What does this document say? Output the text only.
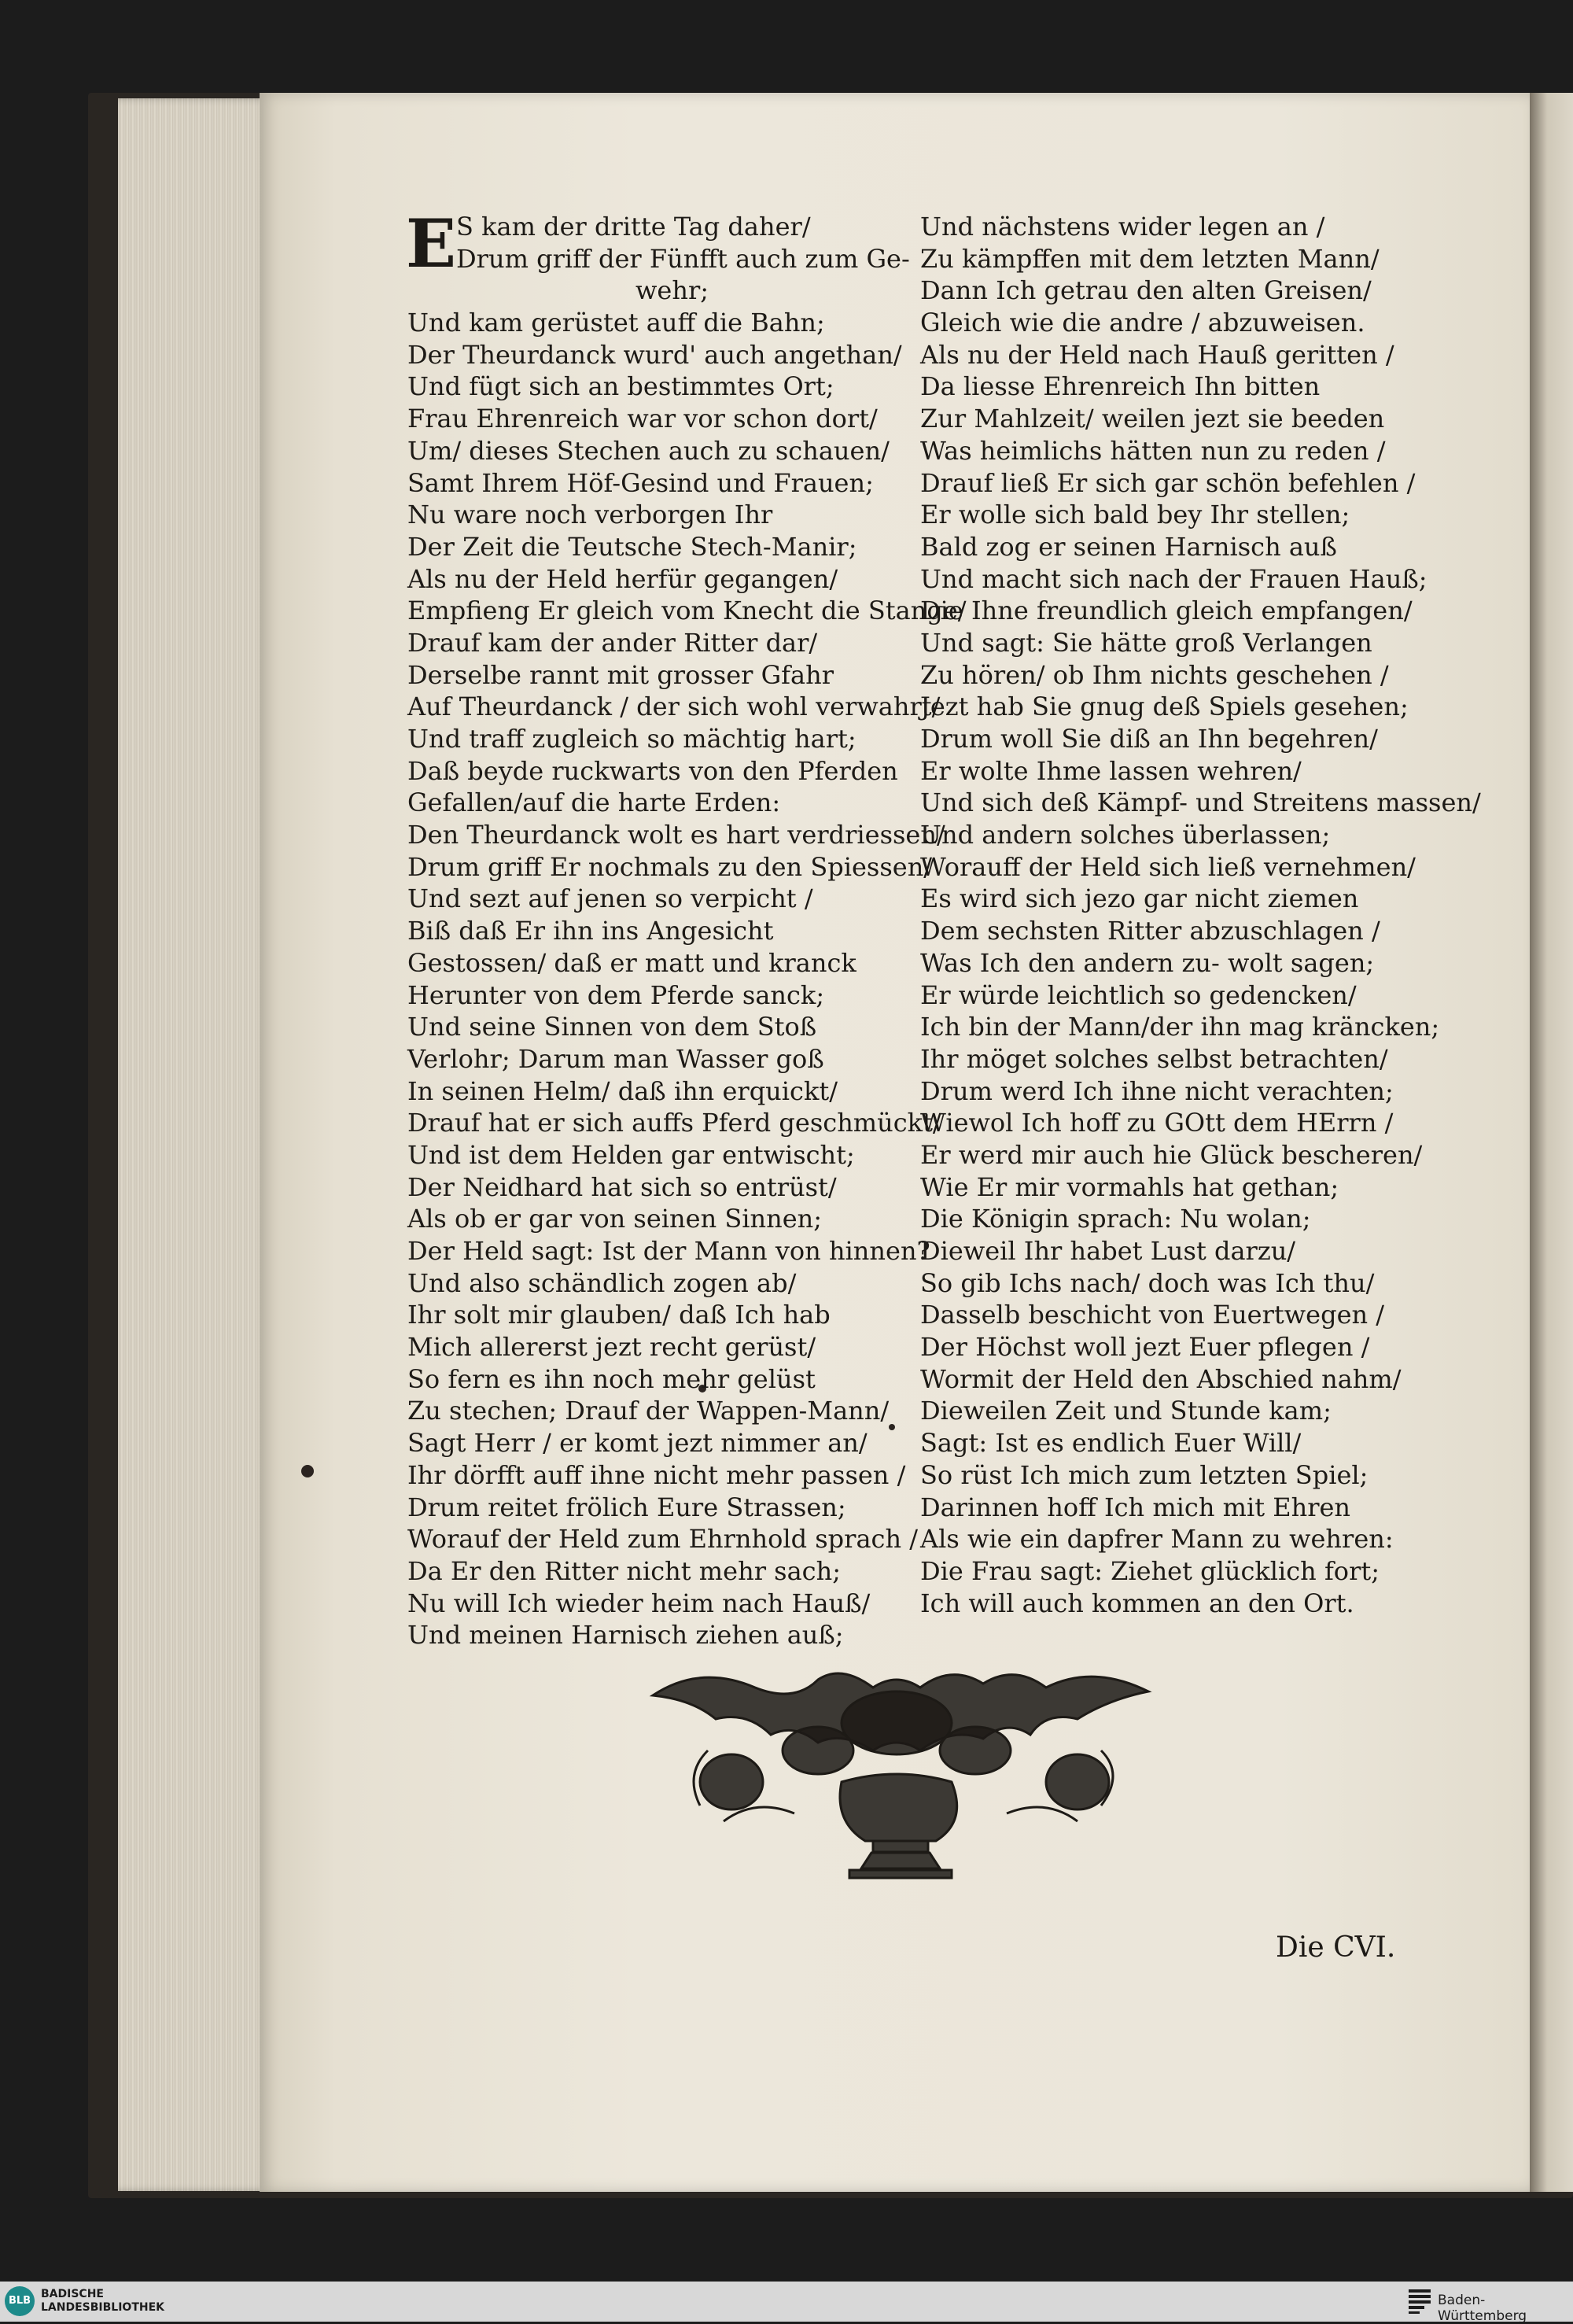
E S kam der dritte Tag daher/
Drum griff der Fünfft auch zum Ge-
wehr;
Und kam gerüstet auff die Bahn;
Der Theurdanck wurd' auch angethan/
Und fügt sich an bestimmtes Ort;
Frau Ehrenreich war vor schon dort/
Um/ dieses Stechen auch zu schauen/
Samt Ihrem Höf-Gesind und Frauen;
Nu ware noch verborgen Ihr
Der Zeit die Teutsche Stech-Manir;
Als nu der Held herfür gegangen/
Empfieng Er gleich vom Knecht die Stange/
Drauf kam der ander Ritter dar/
Derselbe rannt mit grosser Gfahr
Auf Theurdanck / der sich wohl verwahrt/
Und traff zugleich so mächtig hart;
Daß beyde ruckwarts von den Pferden
Gefallen/auf die harte Erden:
Den Theurdanck wolt es hart verdriessen/
Drum griff Er nochmals zu den Spiessen/
Und sezt auf jenen so verpicht /
Biß daß Er ihn ins Angesicht
Gestossen/ daß er matt und kranck
Herunter von dem Pferde sanck;
Und seine Sinnen von dem Stoß
Verlohr; Darum man Wasser goß
In seinen Helm/ daß ihn erquickt/
Drauf hat er sich auffs Pferd geschmückt/
Und ist dem Helden gar entwischt;
Der Neidhard hat sich so entrüst/
Als ob er gar von seinen Sinnen;
Der Held sagt: Ist der Mann von hinnen?
Und also schändlich zogen ab/
Ihr solt mir glauben/ daß Ich hab
Mich allererst jezt recht gerüst/
So fern es ihn noch mehr gelüst
Zu stechen; Drauf der Wappen-Mann/
Sagt Herr / er komt jezt nimmer an/
Ihr dörfft auff ihne nicht mehr passen /
Drum reitet frölich Eure Strassen;
Worauf der Held zum Ehrnhold sprach /
Da Er den Ritter nicht mehr sach;
Nu will Ich wieder heim nach Hauß/
Und meinen Harnisch ziehen auß;
Und nächstens wider legen an /
Zu kämpffen mit dem letzten Mann/
Dann Ich getrau den alten Greisen/
Gleich wie die andre / abzuweisen.
Als nu der Held nach Hauß geritten /
Da liesse Ehrenreich Ihn bitten
Zur Mahlzeit/ weilen jezt sie beeden
Was heimlichs hätten nun zu reden /
Drauf ließ Er sich gar schön befehlen /
Er wolle sich bald bey Ihr stellen;
Bald zog er seinen Harnisch auß
Und macht sich nach der Frauen Hauß;
Die Ihne freundlich gleich empfangen/
Und sagt: Sie hätte groß Verlangen
Zu hören/ ob Ihm nichts geschehen /
Jezt hab Sie gnug deß Spiels gesehen;
Drum woll Sie diß an Ihn begehren/
Er wolte Ihme lassen wehren/
Und sich deß Kämpf- und Streitens massen/
Und andern solches überlassen;
Worauff der Held sich ließ vernehmen/
Es wird sich jezo gar nicht ziemen
Dem sechsten Ritter abzuschlagen /
Was Ich den andern zu- wolt sagen;
Er würde leichtlich so gedencken/
Ich bin der Mann/der ihn mag kräncken;
Ihr möget solches selbst betrachten/
Drum werd Ich ihne nicht verachten;
Wiewol Ich hoff zu GOtt dem HErrn /
Er werd mir auch hie Glück bescheren/
Wie Er mir vormahls hat gethan;
Die Königin sprach: Nu wolan;
Dieweil Ihr habet Lust darzu/
So gib Ichs nach/ doch was Ich thu/
Dasselb beschicht von Euertwegen /
Der Höchst woll jezt Euer pflegen /
Wormit der Held den Abschied nahm/
Dieweilen Zeit und Stunde kam;
Sagt: Ist es endlich Euer Will/
So rüst Ich mich zum letzten Spiel;
Darinnen hoff Ich mich mit Ehren
Als wie ein dapfrer Mann zu wehren:
Die Frau sagt: Ziehet glücklich fort;
Ich will auch kommen an den Ort.
Die CVI.
BLB
BADISCHE
LANDESBIBLIOTHEK	Baden-Württemberg
